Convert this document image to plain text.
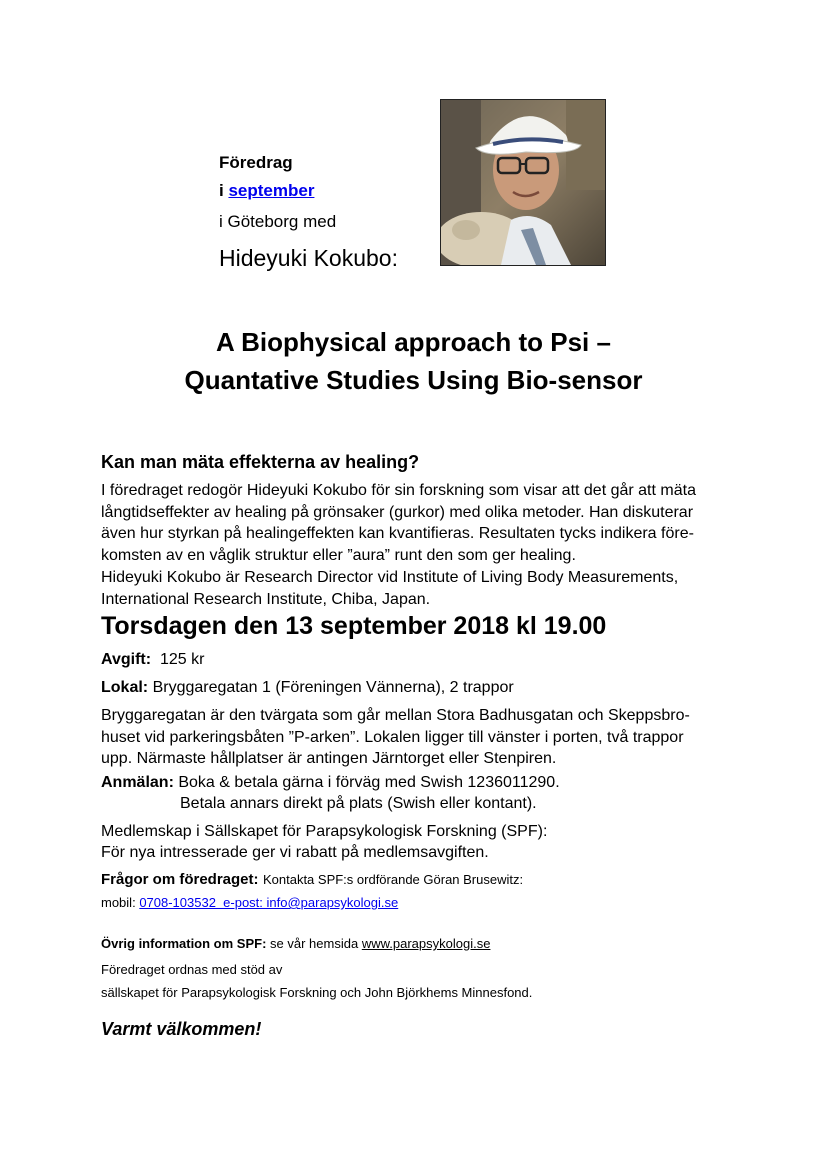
Föredrag
i september
i Göteborg med
Hideyuki Kokubo:
A Biophysical approach to Psi –
Quantative Studies Using Bio-sensor
Kan man mäta effekterna av healing?
I föredraget redogör Hideyuki Kokubo för sin forskning som visar att det går att mäta
långtidseffekter av healing på grönsaker (gurkor) med olika metoder. Han diskuterar
även hur styrkan på healingeffekten kan kvantifieras. Resultaten tycks indikera före-
komsten av en våglik struktur eller ”aura” runt den som ger healing.
Hideyuki Kokubo är Research Director vid Institute of Living Body Measurements,
International Research Institute, Chiba, Japan.
Torsdagen den 13 september 2018 kl 19.00
Avgift: 125 kr
Lokal: Bryggaregatan 1 (Föreningen Vännerna), 2 trappor
Bryggaregatan är den tvärgata som går mellan Stora Badhusgatan och Skeppsbro-
huset vid parkeringsbåten ”P-arken”. Lokalen ligger till vänster i porten, två trappor
upp. Närmaste hållplatser är antingen Järntorget eller Stenpiren.
Anmälan: Boka & betala gärna i förväg med Swish 1236011290.
Betala annars direkt på plats (Swish eller kontant).
Medlemskap i Sällskapet för Parapsykologisk Forskning (SPF):
För nya intresserade ger vi rabatt på medlemsavgiften.
Frågor om föredraget: Kontakta SPF:s ordförande Göran Brusewitz:
mobil: 0708-103532  e-post: info@parapsykologi.se
Övrig information om SPF: se vår hemsida www.parapsykologi.se
Föredraget ordnas med stöd av
sällskapet för Parapsykologisk Forskning och John Björkhems Minnesfond.
Varmt välkommen!
